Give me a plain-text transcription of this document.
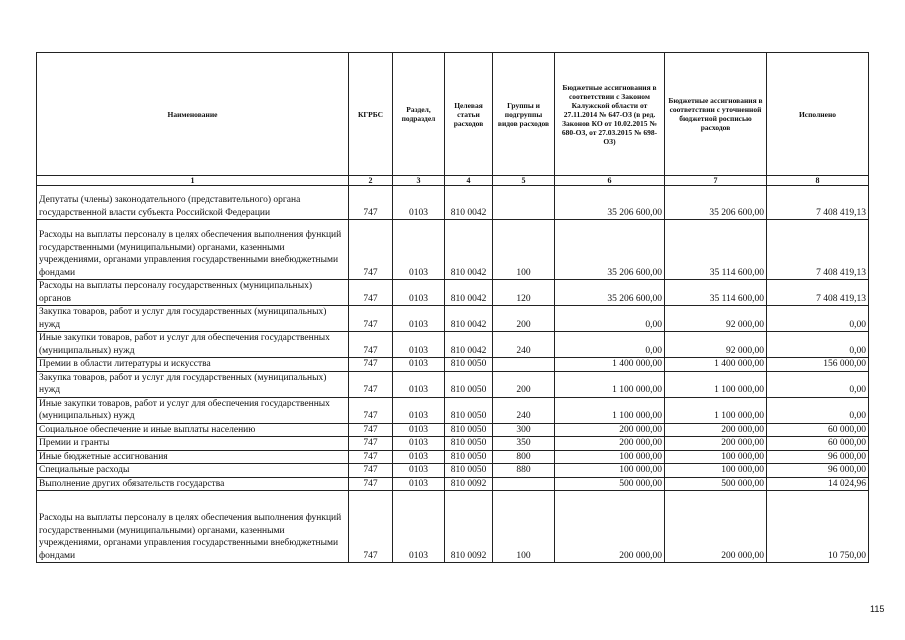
Наименование	КГРБС	Раздел, подраздел	Целевая статьи расходов	Группы и подгруппы видов расходов	Бюджетные ассигнования в соответствии с Законом Калужской области от 27.11.2014 № 647-ОЗ (в ред. Законов КО от 10.02.2015 № 680-ОЗ, от 27.03.2015 № 698-ОЗ)	Бюджетные ассигнования в соответствии с уточненной бюджетной росписью расходов	Исполнено
1	2	3	4	5	6	7	8
Депутаты (члены) законодательного (представительного) органа государственной власти субъекта Российской Федерации	747	0103	810 0042		35 206 600,00	35 206 600,00	7 408 419,13
Расходы на выплаты персоналу в целях обеспечения выполнения функций государственными (муниципальными) органами, казенными учреждениями, органами управления государственными внебюджетными фондами	747	0103	810 0042	100	35 206 600,00	35 114 600,00	7 408 419,13
Расходы на выплаты персоналу государственных (муниципальных) органов	747	0103	810 0042	120	35 206 600,00	35 114 600,00	7 408 419,13
Закупка товаров, работ и услуг для государственных (муниципальных) нужд	747	0103	810 0042	200	0,00	92 000,00	0,00
Иные закупки товаров, работ и услуг для обеспечения государственных (муниципальных) нужд	747	0103	810 0042	240	0,00	92 000,00	0,00
Премии в области литературы и искусства	747	0103	810 0050		1 400 000,00	1 400 000,00	156 000,00
Закупка товаров, работ и услуг для государственных (муниципальных) нужд	747	0103	810 0050	200	1 100 000,00	1 100 000,00	0,00
Иные закупки товаров, работ и услуг для обеспечения государственных (муниципальных) нужд	747	0103	810 0050	240	1 100 000,00	1 100 000,00	0,00
Социальное обеспечение и иные выплаты населению	747	0103	810 0050	300	200 000,00	200 000,00	60 000,00
Премии и гранты	747	0103	810 0050	350	200 000,00	200 000,00	60 000,00
Иные бюджетные ассигнования	747	0103	810 0050	800	100 000,00	100 000,00	96 000,00
Специальные расходы	747	0103	810 0050	880	100 000,00	100 000,00	96 000,00
Выполнение других обязательств государства	747	0103	810 0092		500 000,00	500 000,00	14 024,96
Расходы на выплаты персоналу в целях обеспечения выполнения функций государственными (муниципальными) органами, казенными учреждениями, органами управления государственными внебюджетными фондами	747	0103	810 0092	100	200 000,00	200 000,00	10 750,00
115
